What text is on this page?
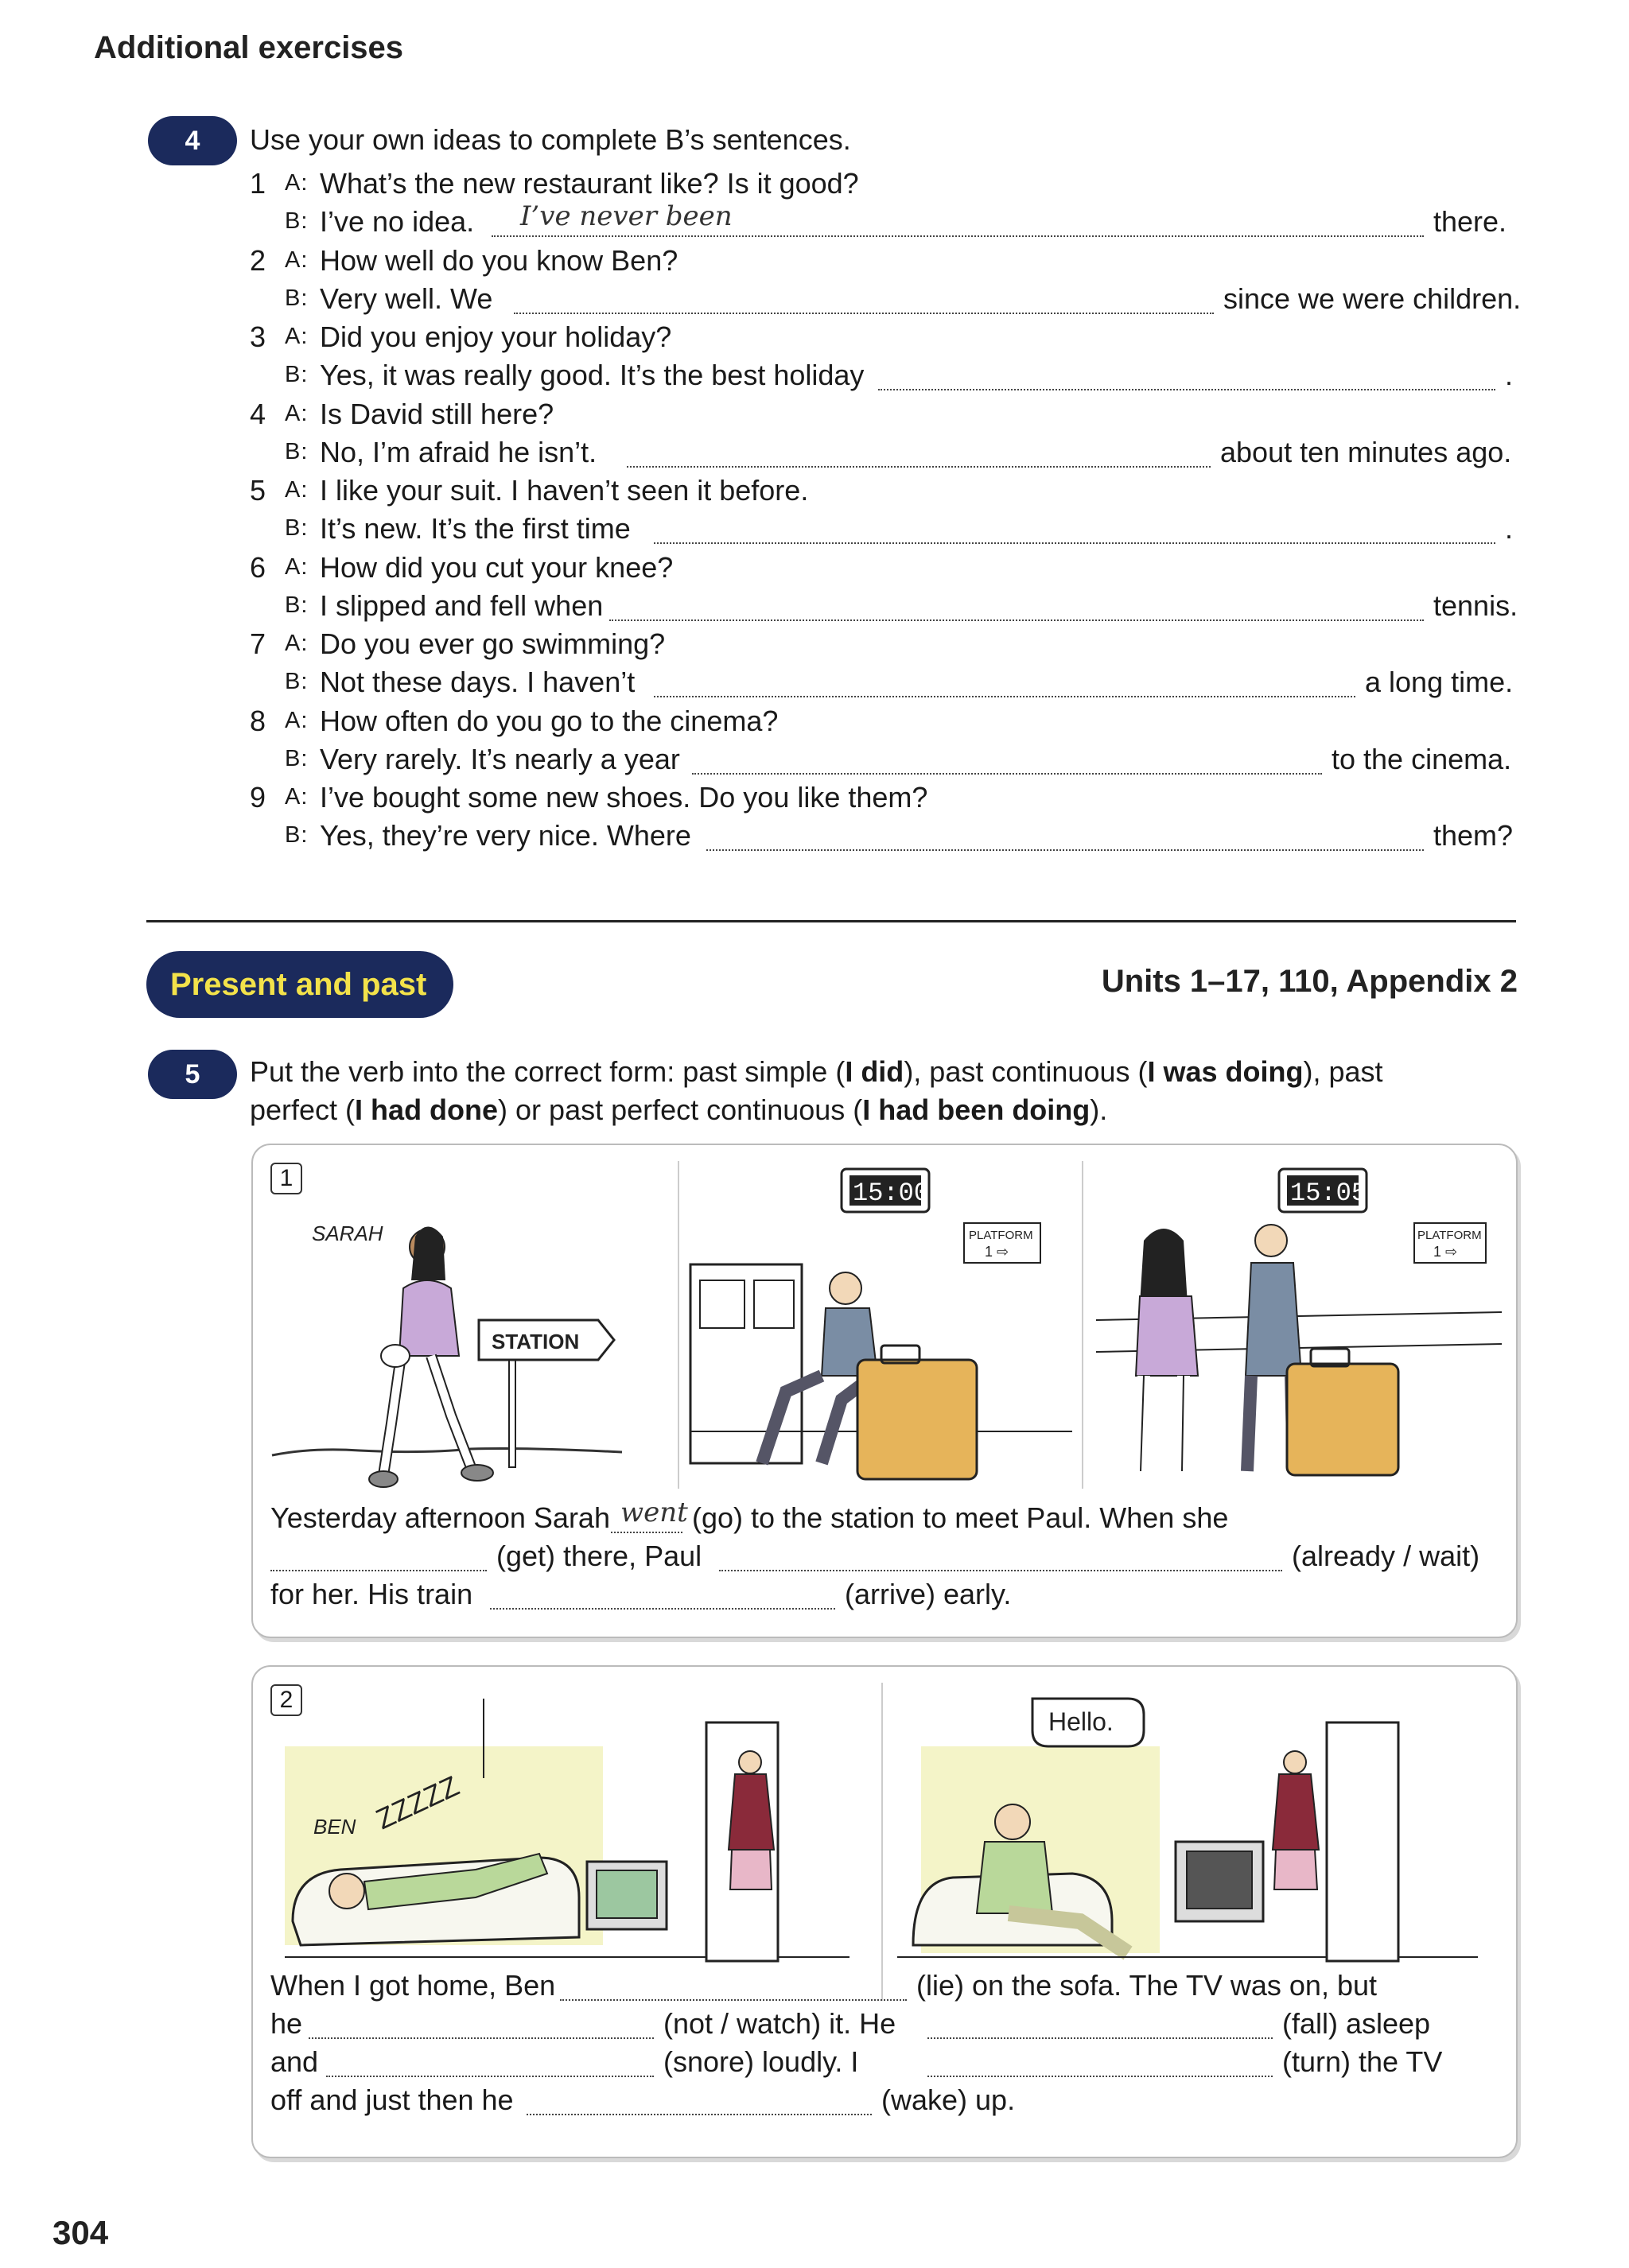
Additional exercises
4	Use your own ideas to complete B’s sentences.
1 A: What’s the new restaurant like? Is it good?
B: I’ve no idea. I’ve never been	there.
2 A: How well do you know Ben?
B: Very well. We	since we were children.
3 A: Did you enjoy your holiday?
B: Yes, it was really good. It’s the best holiday	.
4 A: Is David still here?
B: No, I’m afraid he isn’t.	about ten minutes ago.
5 A: I like your suit. I haven’t seen it before.
B: It’s new. It’s the first time	.
6 A: How did you cut your knee?
B: I slipped and fell when	tennis.
7 A: Do you ever go swimming?
B: Not these days. I haven’t	a long time.
8 A: How often do you go to the cinema?
B: Very rarely. It’s nearly a year	to the cinema.
9 A: I’ve bought some new shoes. Do you like them?
B: Yes, they’re very nice. Where	them?
Present and past	Units 1–17, 110, Appendix 2
5	Put the verb into the correct form: past simple (I did), past continuous (I was doing), past
perfect (I had done) or past perfect continuous (I had been doing).
1
SARAH
STATION
15:00
PLATFORM
1 ⇨
15:05
PLATFORM
1 ⇨
Yesterday afternoon Sarah went (go) to the station to meet Paul. When she
(get) there, Paul	(already / wait)
for her. His train	(arrive) early.
2
BEN ZZZZZ
Hello.
When I got home, Ben	(lie) on the sofa. The TV was on, but
he	(not / watch) it. He	(fall) asleep
and	(snore) loudly. I	(turn) the TV
off and just then he	(wake) up.
304
